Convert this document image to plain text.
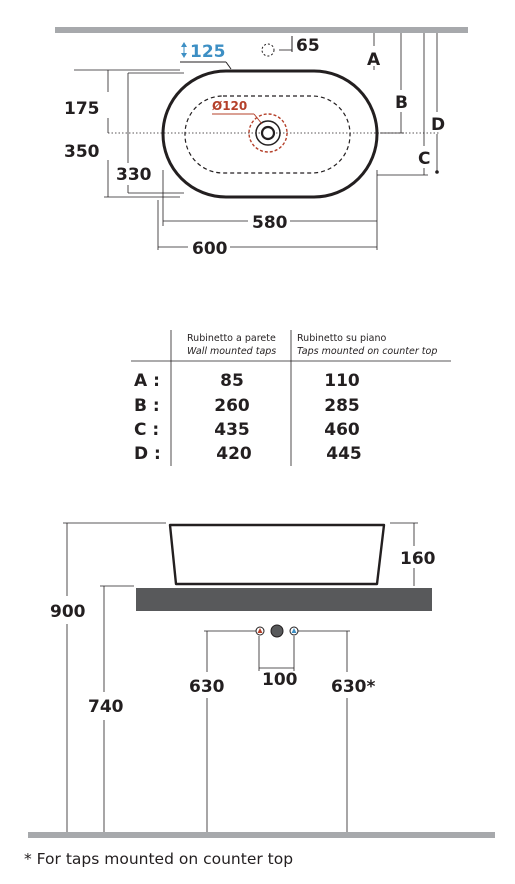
Ø120
65
125
175
350
330
580
600
A
B
C
D
Rubinetto a parete
Wall mounted taps
Rubinetto su piano
Taps mounted on counter top
A :	85	110
B :	260	285
C :	435	460
D :	420	445
160
900
740
100
630	630*
* For taps mounted on counter top
